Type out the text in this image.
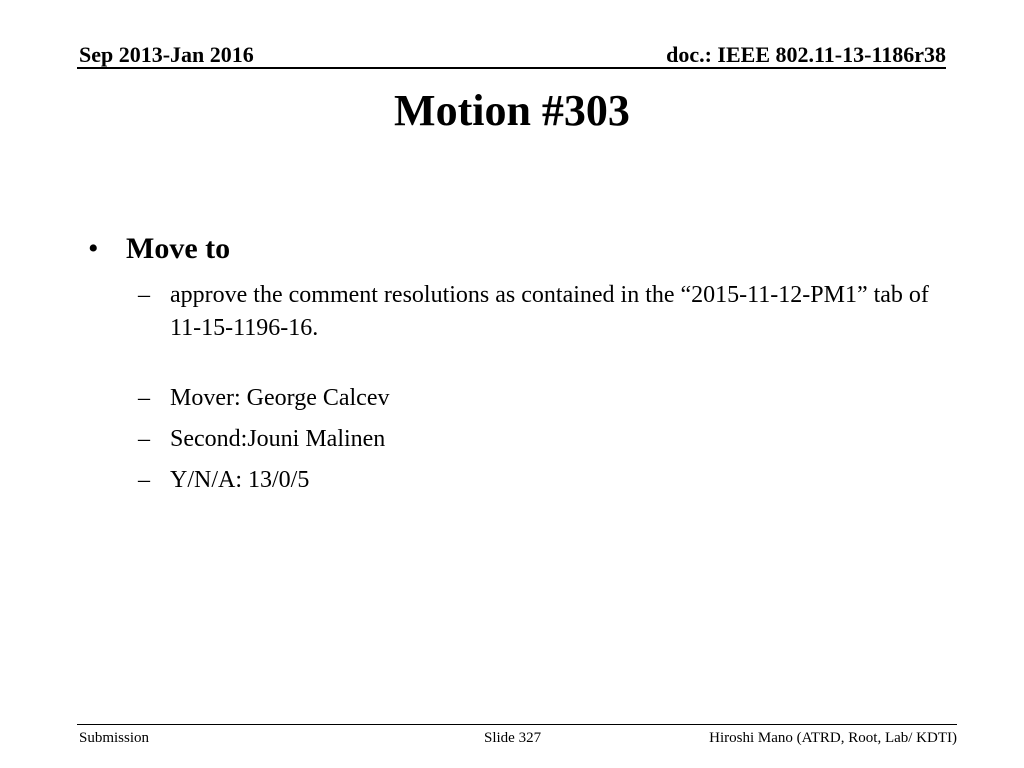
Sep 2013-Jan 2016	doc.: IEEE 802.11-13-1186r38
Motion #303
• Move to
– approve the comment resolutions as contained in the “2015-11-12-PM1” tab of 11-15-1196-16.
– Mover: George Calcev
– Second:Jouni Malinen
– Y/N/A: 13/0/5
Submission	Slide 327	Hiroshi Mano (ATRD, Root, Lab/ KDTI)
